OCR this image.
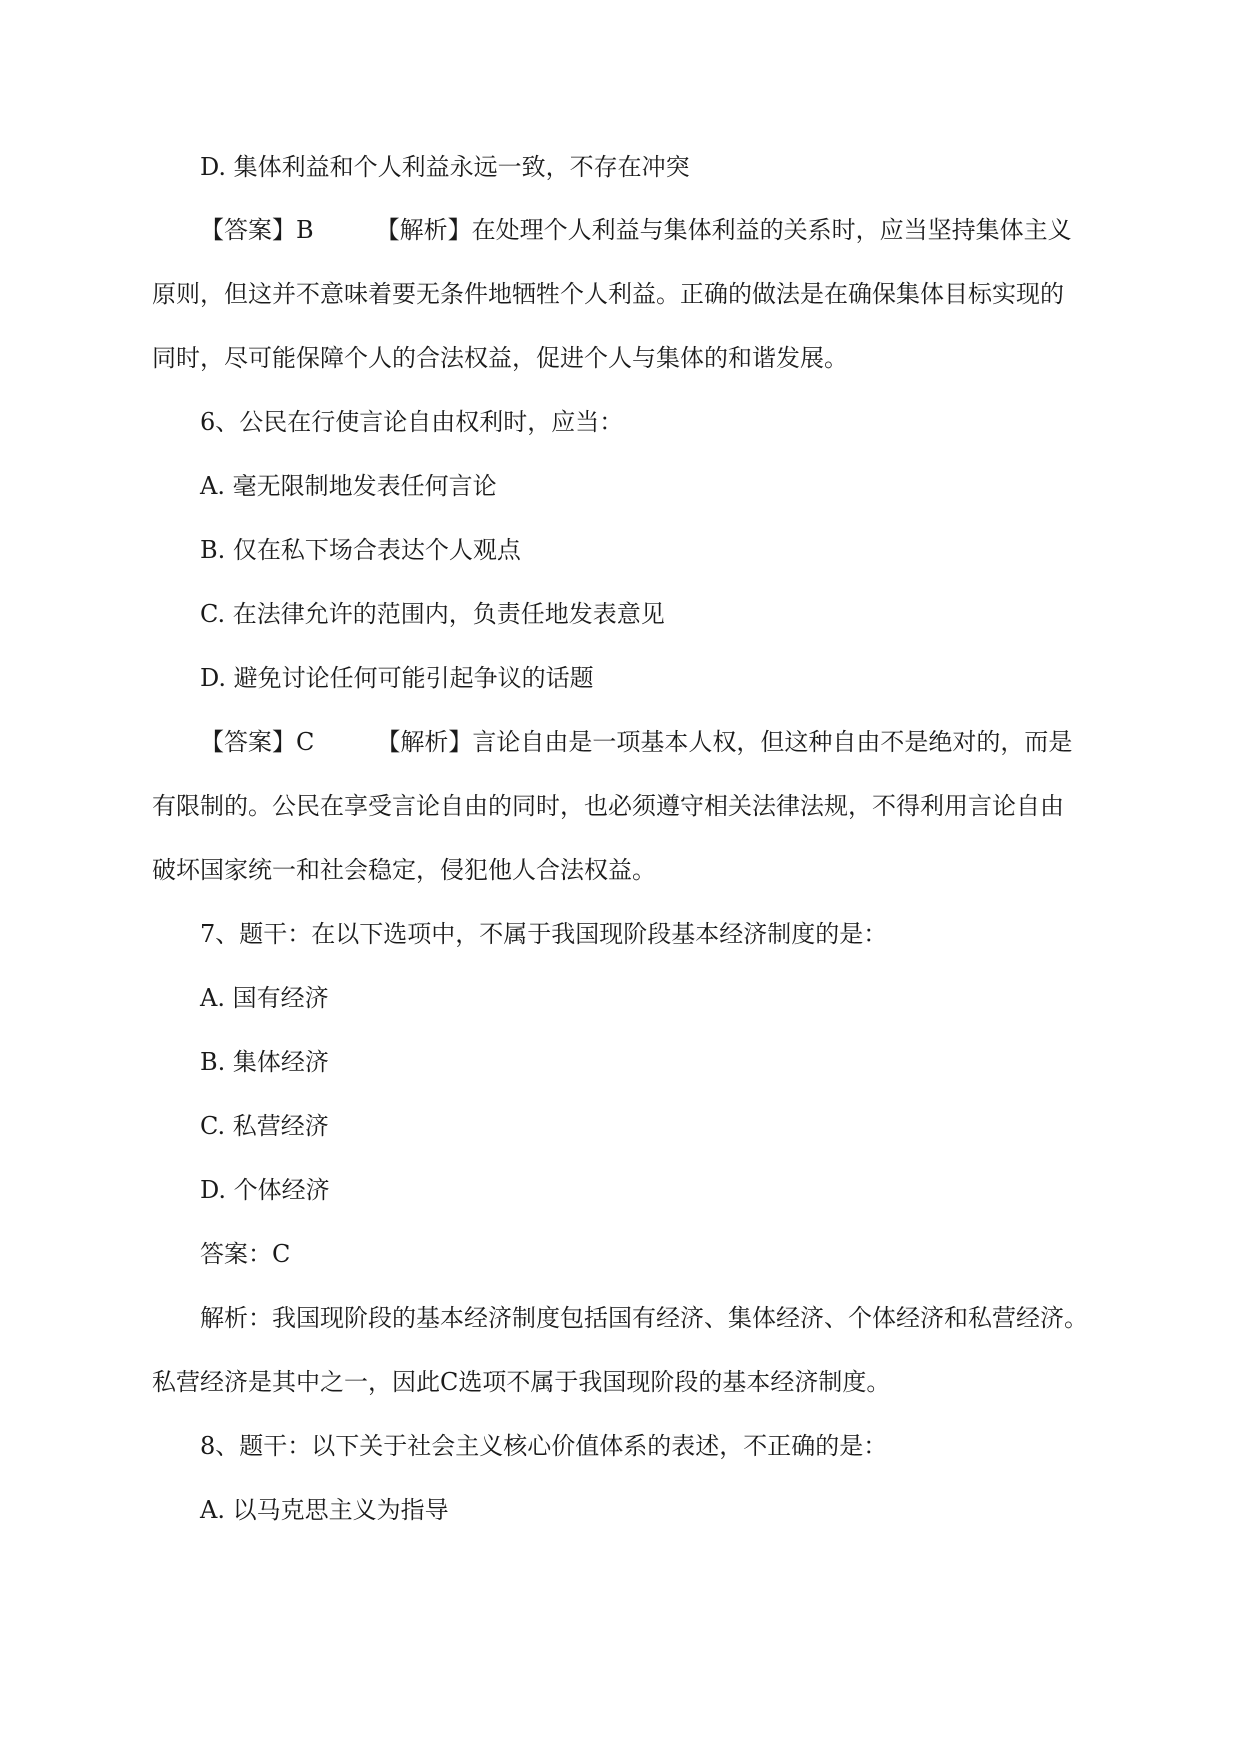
D. 集体利益和个人利益永远一致，不存在冲突

【答案】B	【解析】在处理个人利益与集体利益的关系时，应当坚持集体主义

原则，但这并不意味着要无条件地牺牲个人利益。正确的做法是在确保集体目标实现的

同时，尽可能保障个人的合法权益，促进个人与集体的和谐发展。

6、公民在行使言论自由权利时，应当：

A. 毫无限制地发表任何言论

B. 仅在私下场合表达个人观点

C. 在法律允许的范围内，负责任地发表意见

D. 避免讨论任何可能引起争议的话题

【答案】C	【解析】言论自由是一项基本人权，但这种自由不是绝对的，而是

有限制的。公民在享受言论自由的同时，也必须遵守相关法律法规，不得利用言论自由

破坏国家统一和社会稳定，侵犯他人合法权益。

7、题干：在以下选项中，不属于我国现阶段基本经济制度的是：

A. 国有经济

B. 集体经济

C. 私营经济

D. 个体经济

答案：C

解析：我国现阶段的基本经济制度包括国有经济、集体经济、个体经济和私营经济。

私营经济是其中之一，因此C选项不属于我国现阶段的基本经济制度。

8、题干：以下关于社会主义核心价值体系的表述，不正确的是：

A. 以马克思主义为指导
